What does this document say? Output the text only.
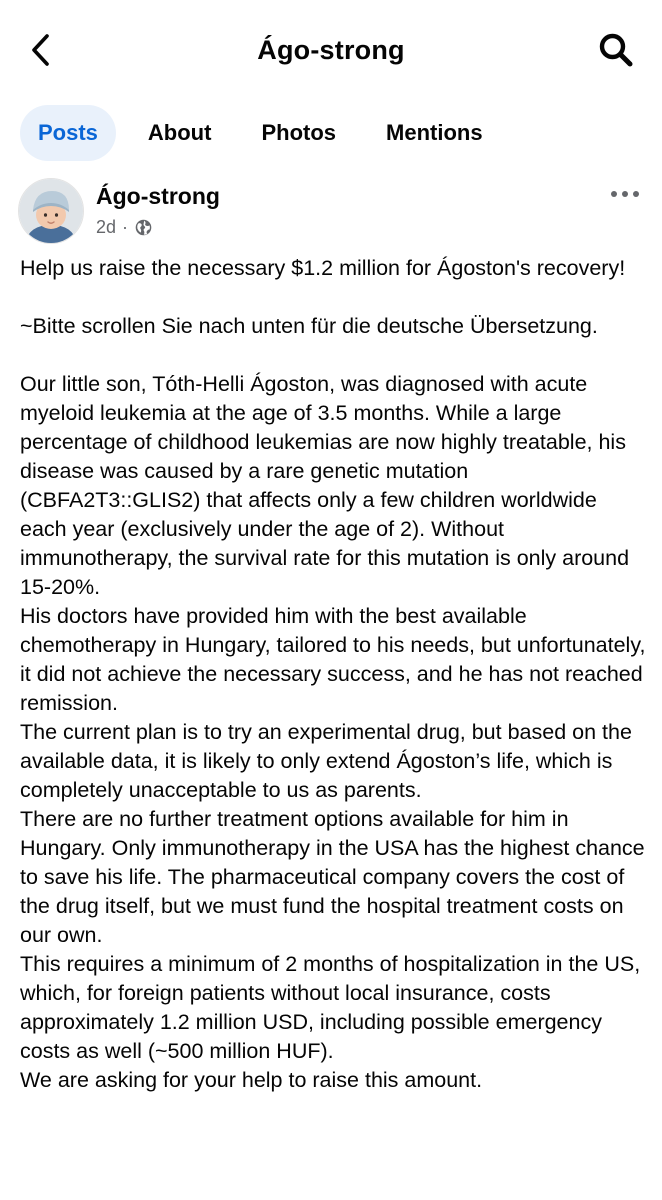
Ágo-strong
Posts	About	Photos	Mentions
Ágo-strong
2d ·

Help us raise the necessary $1.2 million for Ágoston's recovery!

~Bitte scrollen Sie nach unten für die deutsche Übersetzung.

Our little son, Tóth-Helli Ágoston, was diagnosed with acute myeloid leukemia at the age of 3.5 months. While a large percentage of childhood leukemias are now highly treatable, his disease was caused by a rare genetic mutation (CBFA2T3::GLIS2) that affects only a few children worldwide each year (exclusively under the age of 2). Without immunotherapy, the survival rate for this mutation is only around 15-20%.

His doctors have provided him with the best available chemotherapy in Hungary, tailored to his needs, but unfortunately, it did not achieve the necessary success, and he has not reached remission.

The current plan is to try an experimental drug, but based on the available data, it is likely to only extend Ágoston’s life, which is completely unacceptable to us as parents.

There are no further treatment options available for him in Hungary. Only immunotherapy in the USA has the highest chance to save his life. The pharmaceutical company covers the cost of the drug itself, but we must fund the hospital treatment costs on our own.

This requires a minimum of 2 months of hospitalization in the US, which, for foreign patients without local insurance, costs approximately 1.2 million USD, including possible emergency costs as well (~500 million HUF).

We are asking for your help to raise this amount.
